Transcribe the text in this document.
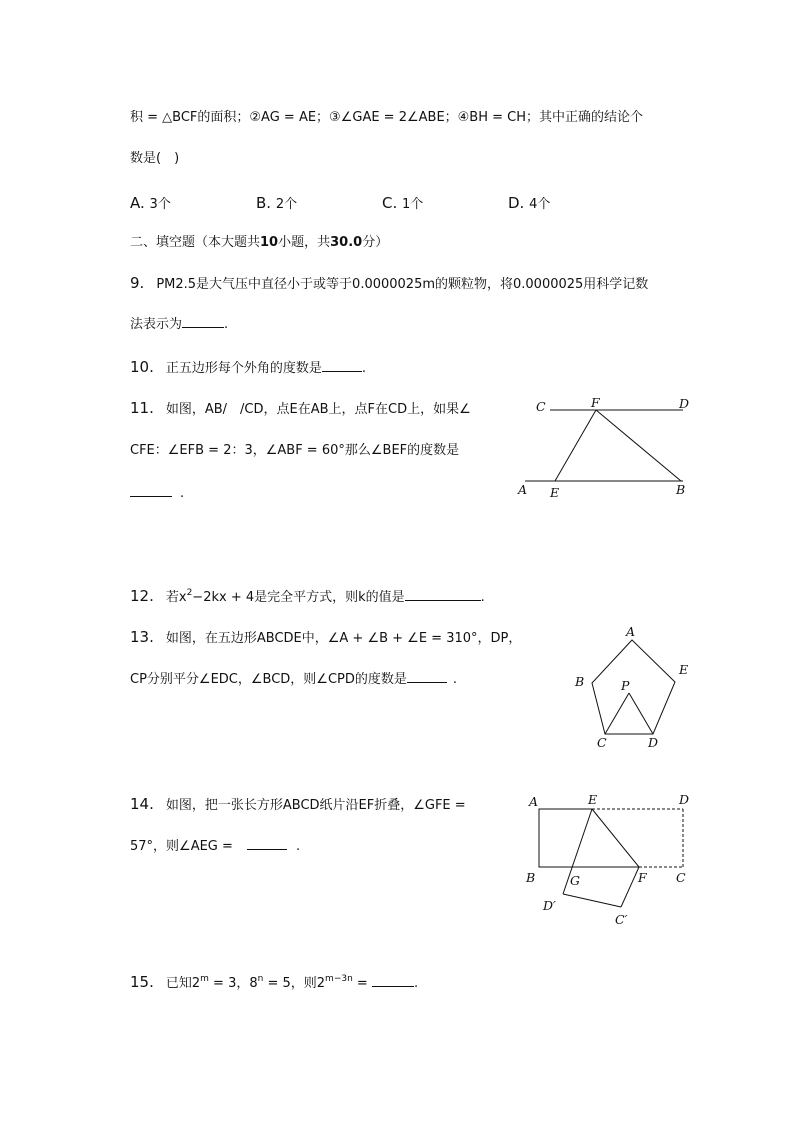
积 = △BCF的面积；②AG = AE；③∠GAE = 2∠ABE；④BH = CH；其中正确的结论个
数是(　)
A. 3个	B. 2个	C. 1个	D. 4个
二、填空题（本大题共10小题，共30.0分）
9. PM2.5是大气压中直径小于或等于0.0000025m的颗粒物，将0.0000025用科学记数
法表示为	.
10. 正五边形每个外角的度数是	.
11. 如图，AB/　/CD，点E在AB上，点F在CD上，如果∠
CFE：∠EFB = 2：3，∠ABF = 60°那么∠BEF的度数是
.
C	F	D
A E	B
12. 若$x^2-2kx + 4$是完全平方式，则k的值是	.
13. 如图，在五边形ABCDE中，∠A + ∠B + ∠E = 310°，DP，
CP分别平分∠EDC，∠BCD，则∠CPD的度数是	.
A
B
E
P
C	D
14. 如图，把一张长方形ABCD纸片沿EF折叠，∠GFE =
57°，则∠AEG =	.
A	E	D
B	G	F C
D′
C′
15. 已知$2^m = 3$，$8^n = 5$，则$2^{m-3n}$ =	.
